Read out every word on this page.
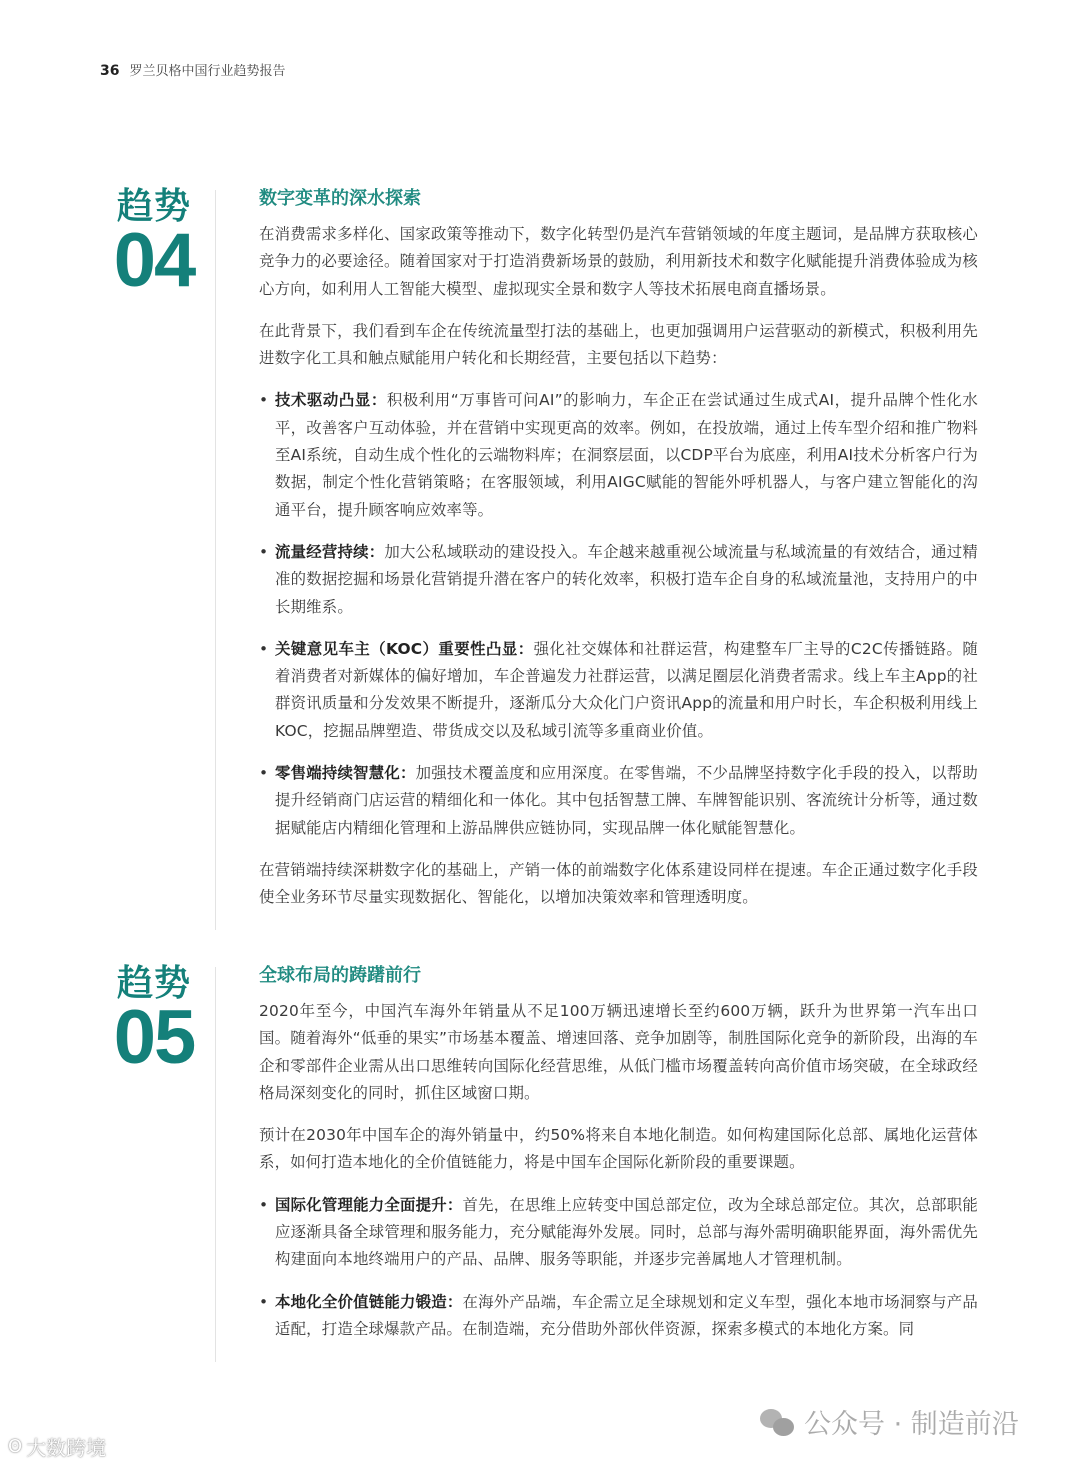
36 罗兰贝格中国行业趋势报告
趋势
04
数字变革的深水探索

在消费需求多样化、国家政策等推动下，数字化转型仍是汽车营销领域的年度主题词，是品牌方获取核心竞争力的必要途径。随着国家对于打造消费新场景的鼓励，利用新技术和数字化赋能提升消费体验成为核心方向，如利用人工智能大模型、虚拟现实全景和数字人等技术拓展电商直播场景。

在此背景下，我们看到车企在传统流量型打法的基础上，也更加强调用户运营驱动的新模式，积极利用先进数字化工具和触点赋能用户转化和长期经营，主要包括以下趋势：

• 技术驱动凸显：积极利用“万事皆可问AI”的影响力，车企正在尝试通过生成式AI，提升品牌个性化水平，改善客户互动体验，并在营销中实现更高的效率。例如，在投放端，通过上传车型介绍和推广物料至AI系统，自动生成个性化的云端物料库；在洞察层面，以CDP平台为底座，利用AI技术分析客户行为数据，制定个性化营销策略；在客服领域，利用AIGC赋能的智能外呼机器人，与客户建立智能化的沟通平台，提升顾客响应效率等。

• 流量经营持续：加大公私域联动的建设投入。车企越来越重视公域流量与私域流量的有效结合，通过精准的数据挖掘和场景化营销提升潜在客户的转化效率，积极打造车企自身的私域流量池，支持用户的中长期维系。

• 关键意见车主（KOC）重要性凸显：强化社交媒体和社群运营，构建整车厂主导的C2C传播链路。随着消费者对新媒体的偏好增加，车企普遍发力社群运营，以满足圈层化消费者需求。线上车主App的社群资讯质量和分发效果不断提升，逐渐瓜分大众化门户资讯App的流量和用户时长，车企积极利用线上KOC，挖掘品牌塑造、带货成交以及私域引流等多重商业价值。

• 零售端持续智慧化：加强技术覆盖度和应用深度。在零售端，不少品牌坚持数字化手段的投入，以帮助提升经销商门店运营的精细化和一体化。其中包括智慧工牌、车牌智能识别、客流统计分析等，通过数据赋能店内精细化管理和上游品牌供应链协同，实现品牌一体化赋能智慧化。

在营销端持续深耕数字化的基础上，产销一体的前端数字化体系建设同样在提速。车企正通过数字化手段使全业务环节尽量实现数据化、智能化，以增加决策效率和管理透明度。

趋势
05
全球布局的踌躇前行

2020年至今，中国汽车海外年销量从不足100万辆迅速增长至约600万辆，跃升为世界第一汽车出口国。随着海外“低垂的果实”市场基本覆盖、增速回落、竞争加剧等，制胜国际化竞争的新阶段，出海的车企和零部件企业需从出口思维转向国际化经营思维，从低门槛市场覆盖转向高价值市场突破，在全球政经格局深刻变化的同时，抓住区域窗口期。

预计在2030年中国车企的海外销量中，约50%将来自本地化制造。如何构建国际化总部、属地化运营体系，如何打造本地化的全价值链能力，将是中国车企国际化新阶段的重要课题。

• 国际化管理能力全面提升：首先，在思维上应转变中国总部定位，改为全球总部定位。其次，总部职能应逐渐具备全球管理和服务能力，充分赋能海外发展。同时，总部与海外需明确职能界面，海外需优先构建面向本地终端用户的产品、品牌、服务等职能，并逐步完善属地人才管理机制。

• 本地化全价值链能力锻造：在海外产品端，车企需立足全球规划和定义车型，强化本地市场洞察与产品适配，打造全球爆款产品。在制造端，充分借助外部伙伴资源，探索多模式的本地化方案。同

ʘ 大数跨境
公众号 · 制造前沿
